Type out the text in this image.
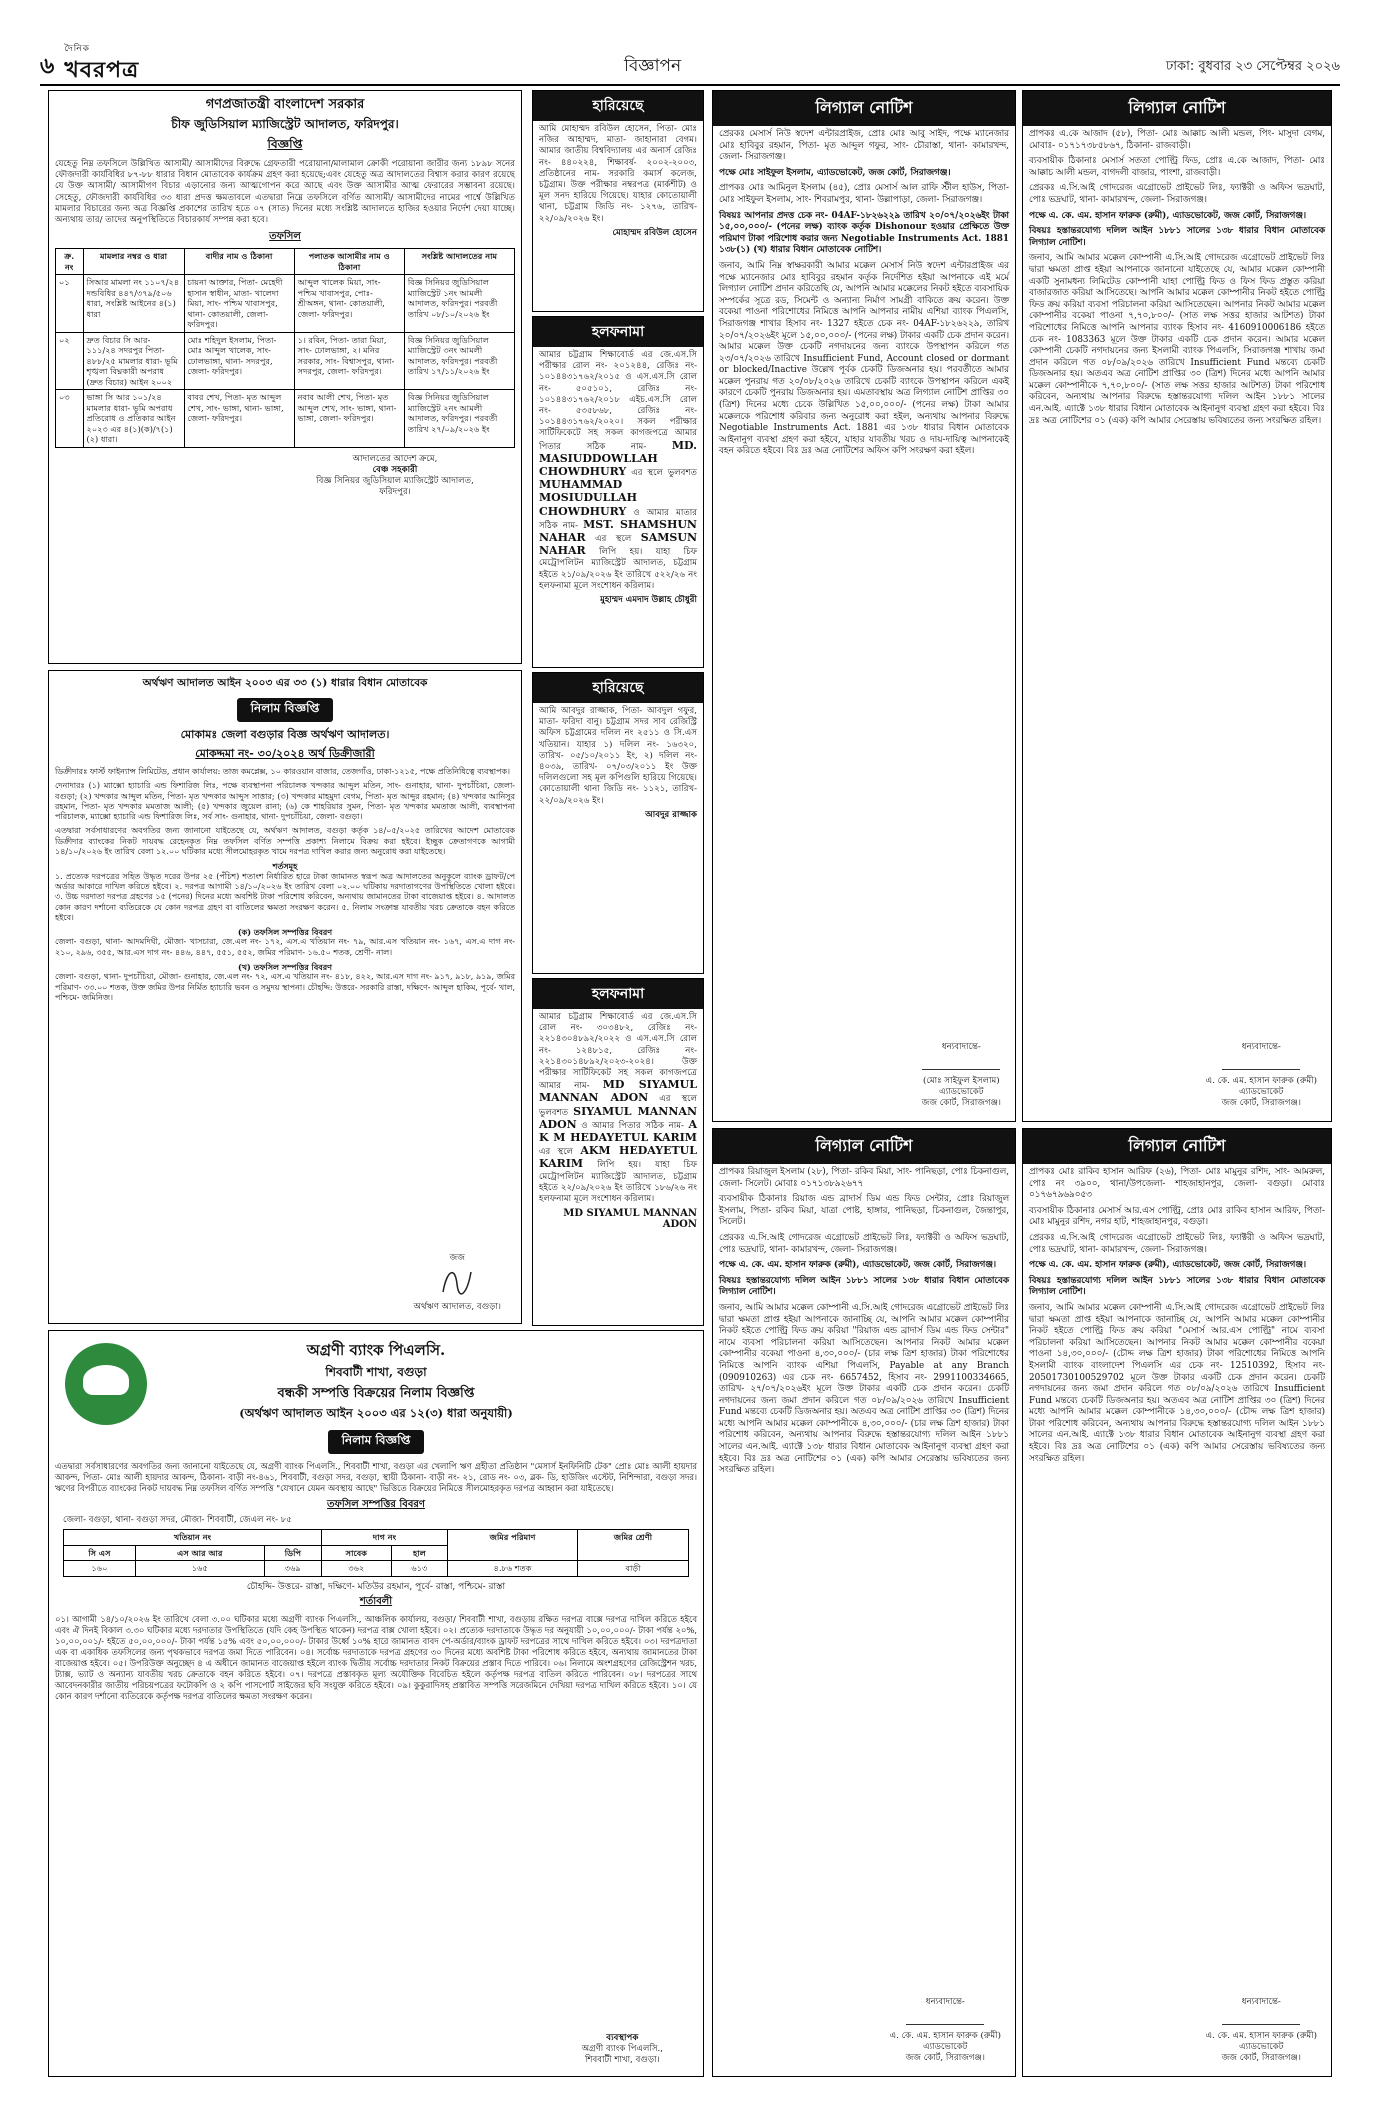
৬
দৈনিক
খবরপত্র	বিজ্ঞাপন	ঢাকা: বুধবার ২৩ সেপ্টেম্বর ২০২৬
গণপ্রজাতন্ত্রী বাংলাদেশ সরকার
চীফ জুডিসিয়াল ম্যাজিস্ট্রেট আদালত, ফরিদপুর।
বিজ্ঞপ্তি
যেহেতু নিম্ন তফসিলে উল্লিখিত আসামী/ আসামীদের বিরুদ্ধে গ্রেফতারী পরোয়ানা/মালামাল ক্রোকী পরোয়ানা জারীর জন্য ১৮৯৮ সনের ফৌজদারী কার্যবিধির ৮৭-৮৮ ধারার বিধান মোতাবেক কার্যক্রম গ্রহণ করা হয়েছে;এবং যেহেতু অত্র আদালতের বিশ্বাস করার কারণ রয়েছে যে উক্ত আসামী/ আসামীগণ বিচার এড়ানোর জন্য আত্মগোপন করে আছে এবং উক্ত আসামীর আত্ম ফেরারের সম্ভাবনা রয়েছে। সেহেতু, ফৌজদারী কার্যবিধির ৩৩ ধারা প্রদত্ত ক্ষমতাবলে এতদ্বারা নিম্নে তফসিলে বর্ণিত আসামী/ আসামীদের নামের পার্শ্বে উল্লিখিত মামলার বিচারের জন্য অত্র বিজ্ঞপ্তি প্রকাশের তারিখ হতে ০৭ (সাত) দিনের মধ্যে সংশ্লিষ্ট আদালতে হাজির হওয়ার নির্দেশ দেয়া যাচ্ছে। অন্যথায় তার/ তাদের অনুপস্থিতিতে বিচারকার্য সম্পন্ন করা হবে।
তফসিল
ক্র. নং	মামলার নম্বর ও ধারা	বাদীর নাম ও ঠিকানা	পলাতক আসামীর নাম ও ঠিকানা	সংশ্লিষ্ট আদালতের নাম
০১	সিআর মামলা নং ১১০৭/২৪ দন্ডবিধির ৪৪৭/৩৭৯/৫০৬ ধারা, সংশ্লিষ্ট আইনের ৪(১) ধারা	চায়না আক্তার, পিতা- মেহেদী হাসান স্বাধীন, মাতা- খালেদা মিয়া, সাং- পশ্চিম খাবাসপুর, থানা- কোতয়ালী, জেলা- ফরিদপুর।	আব্দুল খালেক মিয়া, সাং- পশ্চিম খাবাসপুর, পোঃ- শ্রীঅঙ্গন, থানা- কোতয়ালী, জেলা- ফরিদপুর।	বিজ্ঞ সিনিয়র জুডিসিয়াল ম্যাজিস্ট্রেট ১নং আমলী আদালত, ফরিদপুর। পরবর্তী তারিখ ০৮/১০/২০২৬ ইং
০২	দ্রুত বিচার সি আর- ১১১/২৪ সদরপুর পিতা- ৪৮৮/২৫ মামলার ধারা- ভূমি শৃঙ্খলা বিঘ্নকারী অপরাধ (দ্রুত বিচার) আইন ২০০২	মোঃ শহিদুল ইসলাম, পিতা- মোঃ আব্দুল খালেক, সাং- ঢোলভাঙ্গা, থানা- সদরপুর, জেলা- ফরিদপুর।	১। রবিন, পিতা- তারা মিয়া, সাং- ঢোলভাঙ্গা, ২। মনির সরকার, সাং- বিশ্বাসপুর, থানা- সদরপুর, জেলা- ফরিদপুর।	বিজ্ঞ সিনিয়র জুডিসিয়াল ম্যাজিস্ট্রেট ৩নং আমলী আদালত, ফরিদপুর। পরবর্তী তারিখ ১৭/১১/২০২৬ ইং
০৩	ভাঙ্গা সি আর ১০১/২৪ মামলার ধারা- ভূমি অপরাধ প্রতিরোধ ও প্রতিকার আইন ২০২৩ এর ৪(১)(ক)/৭(১)(২) ধারা।	বাবর শেখ, পিতা- মৃত আব্দুল শেখ, সাং- ভাঙ্গা, থানা- ভাঙ্গা, জেলা- ফরিদপুর।	নবাব আলী শেখ, পিতা- মৃত আব্দুল শেখ, সাং- ভাঙ্গা, থানা- ভাঙ্গা, জেলা- ফরিদপুর।	বিজ্ঞ সিনিয়র জুডিসিয়াল ম্যাজিস্ট্রেট ২নং আমলী আদালত, ফরিদপুর। পরবর্তী তারিখ ২৭/০৯/২০২৬ ইং
আদালতের আদেশ ক্রমে,
বেঞ্চ সহকারী
বিজ্ঞ সিনিয়র জুডিসিয়াল ম্যাজিস্ট্রেট আদালত, ফরিদপুর।
হারিয়েছে
আমি মোহাম্মদ রবিউল হোসেন, পিতা- মোঃ নজির আহাম্মদ, মাতা- জাহানারা বেগম। আমার জাতীয় বিশ্ববিদ্যালয় এর অনার্স রেজিঃ নং- ৪৪০২২৪, শিক্ষাবর্ষ- ২০০২-২০০৩, প্রতিষ্ঠানের নাম- সরকারি কমার্স কলেজ, চট্টগ্রাম। উক্ত পরীক্ষার নম্বরপত্র (মার্কশীট) ও মূল সনদ হারিয়ে গিয়েছে। যাহার কোতোয়ালী থানা, চট্টগ্রাম জিডি নং- ১২৭৬, তারিখ- ২২/০৯/২০২৬ ইং।
মোহাম্মদ রবিউল হোসেন
হলফনামা
আমার চট্টগ্রাম শিক্ষাবোর্ড এর জে.এস.সি পরীক্ষার রোল নং- ২০১২৪৪, রেজিঃ নং- ১০১৪৪৩১৭৬২/২০১৫ ও এস.এস.সি রোল নং- ৫০৫১০১, রেজিঃ নং- ১০১৪৪৩১৭৬২/২০১৮ এইচ.এস.সি রোল নং- ৫৩৫৮৬৮, রেজিঃ নং- ১০১৪৪৩১৭৬২/২০২০। সকল পরীক্ষার সার্টিফিকেটে সহ সকল কাগজপত্রে আমার পিতার সঠিক নাম- MD. MASIUDDOWLLAH CHOWDHURY এর স্থলে ভুলবশত MUHAMMAD MOSIUDULLAH CHOWDHURY ও আমার মাতার সঠিক নাম- MST. SHAMSHUN NAHAR এর স্থলে SAMSUN NAHAR লিপি হয়। যাহা চিফ মেট্রোপলিটন ম্যাজিস্ট্রেট আদালত, চট্টগ্রাম হইতে ২১/০৯/২০২৬ ইং তারিখে ৫২২/২৬ নং হলফনামা মূলে সংশোধন করিলাম।
মুহাম্মদ এমদাদ উল্লাহ চৌধুরী
অর্থঋণ আদালত আইন ২০০৩ এর ৩৩ (১) ধারার বিধান মোতাবেক
নিলাম বিজ্ঞপ্তি
মোকামঃ জেলা বগুড়ার বিজ্ঞ অর্থঋণ আদালত।
মোকদ্দমা নং- ৩০/২০২৪ অর্থ ডিক্রীজারী

ডিক্রীদারঃ ফার্স্ট ফাইন্যান্স লিমিটেড, প্রধান কার্যালয়: তাজ কমপ্লেক্স, ১০ কারওয়ান বাজার, তেজগাঁও, ঢাকা-১২১৫, পক্ষে প্রতিনিধিত্বে ব্যবস্থাপক।

দেনাদারঃ (১) ম্যাক্সো হ্যাচারি এন্ড ফিশারিজ লিঃ, পক্ষে ব্যবস্থাপনা পরিচালক খন্দকার আব্দুল মতিন, সাং- গুনাহার, থানা- দুপচাঁচিয়া, জেলা- বগুড়া; (২) খন্দকার আব্দুল মতিন, পিতা- মৃত খন্দকার আব্দুস সাত্তার; (৩) খন্দকার মাহমুদা বেগম, পিতা- মৃত আব্দুর রহমান; (৪) খন্দকার আনিসুর রহমান, পিতা- মৃত খন্দকার মমতাজ আলী; (৫) খন্দকার জুয়েল রানা; (৬) কে শাহরিয়ার সুমন, পিতা- মৃত খন্দকার মমতাজ আলী, ব্যবস্থাপনা পরিচালক, ম্যাক্সো হ্যাচারি এন্ড ফিশারিজ লিঃ, সর্ব সাং- গুনাহার, থানা- দুপচাঁচিয়া, জেলা- বগুড়া।

এতদ্বারা সর্বসাধারণের অবগতির জন্য জানানো যাইতেছে যে, অর্থঋণ আদালত, বগুড়া কর্তৃক ১৪/০৫/২০২৫ তারিখের আদেশ মোতাবেক ডিক্রীদার ব্যাংকের নিকট দায়বদ্ধ রেহেনকৃত নিম্ন তফসিল বর্ণিত সম্পত্তি প্রকাশ্য নিলামে বিক্রয় করা হইবে। ইচ্ছুক ক্রেতাগণকে আগামী ১৪/১০/২০২৬ ইং তারিখ বেলা ১২.০০ ঘটিকার মধ্যে সীলমোহরকৃত খামে দরপত্র দাখিল করার জন্য অনুরোধ করা যাইতেছে।

শর্তসমূহ

১. প্রত্যেক দরপত্রের সহিত উদ্ধৃত দরের উপর ২৫ (পঁচিশ) শতাংশ নির্ধারিত হারে টাকা জামানত স্বরূপ অত্র আদালতের অনুকূলে ব্যাংক ড্রাফট/পে অর্ডার আকারে দাখিল করিতে হইবে। ২. দরপত্র আগামী ১৪/১০/২০২৬ ইং তারিখ বেলা ০২.০০ ঘটিকায় দরদাতাগণের উপস্থিতিতে খোলা হইবে। ৩. উচ্চ দরদাতা দরপত্র গ্রহণের ১৫ (পনের) দিনের মধ্যে অবশিষ্ট টাকা পরিশোধ করিবেন, অন্যথায় জামানতের টাকা বাজেয়াপ্ত হইবে। ৪. আদালত কোন কারণ দর্শানো ব্যতিরেকে যে কোন দরপত্র গ্রহণ বা বাতিলের ক্ষমতা সংরক্ষণ করেন। ৫. নিলাম সংক্রান্ত যাবতীয় খরচ ক্রেতাকে বহন করিতে হইবে।

(ক) তফসিল সম্পত্তির বিবরণ

জেলা- বগুড়া, থানা- আদমদিঘী, মৌজা- খাসচারা, জে.এল নং- ১৭২, এস.এ খতিয়ান নং- ৭৯, আর.এস খতিয়ান নং- ১৬৭, এস.এ দাগ নং- ২১০, ২৯৬, ৩৫৫, আর.এস দাগ নং- ৪৪৬, ৪৪৭, ৫৫১, ৫৫২, জমির পরিমাণ- ১৬.৫০ শতক, শ্রেণী- নাল।

(খ) তফসিল সম্পত্তির বিবরণ

জেলা- বগুড়া, থানা- দুপচাঁচিয়া, মৌজা- গুনাহার, জে.এল নং- ৭২, এস.এ খতিয়ান নং- ৪১৮, ৪২২, আর.এস দাগ নং- ৯১৭, ৯১৮, ৯১৯, জমির পরিমাণ- ৩৩.০০ শতক, উক্ত জমির উপর নির্মিত হ্যাচারি ভবন ও সমুদয় স্থাপনা। চৌহদ্দি: উত্তরে- সরকারি রাস্তা, দক্ষিণে- আব্দুল হাকিম, পূর্বে- খাল, পশ্চিমে- জমিনিজ।

জজ
অর্থঋণ আদালত, বগুড়া।
হারিয়েছে
আমি আবদুর রাজ্জাক, পিতা- আবদুল গফুর, মাতা- ফরিদা বানু। চট্টগ্রাম সদর সাব রেজিস্ট্রি অফিস চট্টগ্রামের দলিল নং ২৫১১ ও সি.এস খতিয়ান। যাহার ১) দলিল নং- ১৬৩২০, তারিখ- ০৫/১০/২০১১ ইং, ২) দলিল নং- ৪০৩৯, তারিখ- ০৭/০৩/২০১১ ইং উক্ত দলিলগুলো সহ মূল কপিগুলি হারিয়ে গিয়েছে। কোতোয়ালী থানা জিডি নং- ১১২১, তারিখ- ২২/০৯/২০২৬ ইং।
আবদুর রাজ্জাক
হলফনামা
আমার চট্টগ্রাম শিক্ষাবোর্ড এর জে.এস.সি রোল নং- ৩০৩৪৮২, রেজিঃ নং- ২২১৪৩০৪৮৯২/২০২২ ও এস.এস.সি রোল নং- ১২৪৮১৫, রেজিঃ নং- ২২১৪৩০১৪৮৯২/২০২৩-২০২৪। উক্ত পরীক্ষার সার্টিফিকেট সহ সকল কাগজপত্রে আমার নাম- MD SIYAMUL MANNAN ADON এর স্থলে ভুলবশত SIYAMUL MANNAN ADON ও আমার পিতার সঠিক নাম- A K M HEDAYETUL KARIM এর স্থলে AKM HEDAYETUL KARIM লিপি হয়। যাহা চিফ মেট্রোপলিটন ম্যাজিস্ট্রেট আদালত, চট্টগ্রাম হইতে ২২/০৯/২০২৬ ইং তারিখে ১৮৬/২৬ নং হলফনামা মূলে সংশোধন করিলাম।
MD SIYAMUL MANNAN ADON
অগ্রণী ব্যাংক পিএলসি.
শিববাটী শাখা, বগুড়া
বন্ধকী সম্পত্তি বিক্রয়ের নিলাম বিজ্ঞপ্তি
(অর্থঋণ আদালত আইন ২০০৩ এর ১২(৩) ধারা অনুযায়ী)
নিলাম বিজ্ঞপ্তি
এতদ্বারা সর্বসাধারণের অবগতির জন্য জানানো যাইতেছে যে, অগ্রণী ব্যাংক পিএলসি., শিববাটী শাখা, বগুড়া এর খেলাপি ঋণ গ্রহীতা প্রতিষ্ঠান "মেসার্স ইনফিনিটি টেক" প্রোঃ মোঃ আলী হায়দার আকন্দ, পিতা- মোঃ আলী হায়দার আকন্দ, ঠিকানা- বাড়ী নং-৪৬১, শিববাটী, বগুড়া সদর, বগুড়া, স্থায়ী ঠিকানা- বাড়ী নং- ২১, রোড নং- ০৩, ব্লক- ডি, হাউজিং এস্টেট, নিশিন্দারা, বগুড়া সদর। ঋণের বিপরীতে ব্যাংকের নিকট দায়বদ্ধ নিম্ন তফসিল বর্ণিত সম্পত্তি "যেখানে যেমন অবস্থায় আছে" ভিত্তিতে বিক্রয়ের নিমিত্তে সীলমোহরকৃত দরপত্র আহ্বান করা যাইতেছে।
তফসিল সম্পত্তির বিবরণ
জেলা- বগুড়া, থানা- বগুড়া সদর, মৌজা- শিববাটী, জেএল নং- ৮৫
খতিয়ান নং			দাগ নং		জমির পরিমাণ	জমির শ্রেণী
সি এস	এস আর আর	ডিপি	সাবেক	হাল		
১৬০	১৬৫	৩৬৯	৩৬২	৬১৩	৪.৮৬ শতক	বাড়ী
চৌহদ্দি- উত্তরে- রাস্তা, দক্ষিণে- মতিউর রহমান, পূর্বে- রাস্তা, পশ্চিমে- রাস্তা
শর্তাবলী
০১। আগামী ১৪/১০/২০২৬ ইং তারিখে বেলা ৩.০০ ঘটিকার মধ্যে অগ্রণী ব্যাংক পিএলসি., আঞ্চলিক কার্যালয়, বগুড়া/ শিববাটী শাখা, বগুড়ায় রক্ষিত দরপত্র বাক্সে দরপত্র দাখিল করিতে হইবে এবং ঐ দিনই বিকাল ৩.৩০ ঘটিকার মধ্যে দরদাতার উপস্থিতিতে (যদি কেহ উপস্থিত থাকেন) দরপত্র বাক্স খোলা হইবে। ০২। প্রত্যেক দরদাতাকে উদ্ধৃত দর অনুযায়ী ১০,০০,০০০/- টাকা পর্যন্ত ২০%, ১০,০০,০০১/- হইতে ৫০,০০,০০০/- টাকা পর্যন্ত ১৫% এবং ৫০,০০,০০০/- টাকার উর্ধ্বে ১০% হারে জামানত বাবদ পে-অর্ডার/ব্যাংক ড্রাফট দরপত্রের সাথে দাখিল করিতে হইবে। ০৩। দরপত্রদাতা এক বা একাধিক তফসিলের জন্য পৃথকভাবে দরপত্র জমা দিতে পারিবেন। ০৪। সর্বোচ্চ দরদাতাকে দরপত্র গ্রহণের ৩০ দিনের মধ্যে অবশিষ্ট টাকা পরিশোধ করিতে হইবে, অন্যথায় জামানতের টাকা বাজেয়াপ্ত হইবে। ০৫। উপরিউক্ত অনুচ্ছেদ ৪ এ অধীনে জামানত বাজেয়াপ্ত হইলে ব্যাংক দ্বিতীয় সর্বোচ্চ দরদাতার নিকট বিক্রয়ের প্রস্তাব দিতে পারিবে। ০৬। নিলামে অংশগ্রহণের রেজিস্ট্রেশন খরচ, ট্যাক্স, ভ্যাট ও অন্যান্য যাবতীয় খরচ ক্রেতাকে বহন করিতে হইবে। ০৭। দরপত্রে প্রস্তাবকৃত মূল্য অযৌক্তিক বিবেচিত হইলে কর্তৃপক্ষ দরপত্র বাতিল করিতে পারিবেন। ০৮। দরপত্রের সাথে আবেদনকারীর জাতীয় পরিচয়পত্রের ফটোকপি ও ২ কপি পাসপোর্ট সাইজের ছবি সংযুক্ত করিতে হইবে। ০৯। কুকুরাদিসহ প্রস্তাবিত সম্পত্তি সরেজমিনে দেখিয়া দরপত্র দাখিল করিতে হইবে। ১০। যে কোন কারণ দর্শানো ব্যতিরেকে কর্তৃপক্ষ দরপত্র বাতিলের ক্ষমতা সংরক্ষণ করেন।
ব্যবস্থাপক
অগ্রণী ব্যাংক পিএলসি.,
শিববাটী শাখা, বগুড়া।
লিগ্যাল নোটিশ

প্রেরকঃ মেসার্স নিউ স্বদেশ এন্টারপ্রাইজ, প্রোঃ মোঃ আবু সাইদ, পক্ষে ম্যানেজার মোঃ হাবিবুর রহমান, পিতা- মৃত আব্দুল গফুর, সাং- চৌরাস্তা, থানা- কামারখন্দ, জেলা- সিরাজগঞ্জ।

পক্ষে মোঃ সাইফুল ইসলাম, এ্যাডভোকেট, জজ কোর্ট, সিরাজগঞ্জ।

প্রাপকঃ মোঃ আমিনুল ইসলাম (৪৫), প্রোঃ মেসার্স আল রাফি স্টীল হাউস, পিতা- মোঃ সাইফুল ইসলাম, সাং- শিবরামপুর, থানা- উল্লাপাড়া, জেলা- সিরাজগঞ্জ।

বিষয়ঃ আপনার প্রদত্ত চেক নং- 04AF-১৮২৬২২৯ তারিখ ২০/০৭/২০২৬ইং টাকা ১৫,০০,০০০/- (পনের লক্ষ) ব্যাংক কর্তৃক Dishonour হওয়ার প্রেক্ষিতে উক্ত পরিমাণ টাকা পরিশোধ করার জন্য Negotiable Instruments Act. 1881 ১৩৮(১) (খ) ধারার বিধান মোতাবেক নোটিশ।

জনাব, আমি নিম্ন স্বাক্ষরকারী আমার মক্কেল মেসার্স নিউ স্বদেশ এন্টারপ্রাইজ এর পক্ষে ম্যানেজার মোঃ হাবিবুর রহমান কর্তৃক নির্দেশিত হইয়া আপনাকে এই মর্মে লিগ্যাল নোটিশ প্রদান করিতেছি যে, আপনি আমার মক্কেলের নিকট হইতে ব্যবসায়িক সম্পর্কের সূত্রে রড, সিমেন্ট ও অন্যান্য নির্মাণ সামগ্রী বাকিতে ক্রয় করেন। উক্ত বকেয়া পাওনা পরিশোধের নিমিত্তে আপনি আপনার নামীয় এশিয়া ব্যাংক পিএলসি, সিরাজগঞ্জ শাখার হিসাব নং- 1327 হইতে চেক নং- 04AF-১৮২৬২২৯, তারিখ ২০/০৭/২০২৬ইং মূলে ১৫,০০,০০০/- (পনের লক্ষ) টাকার একটি চেক প্রদান করেন। আমার মক্কেল উক্ত চেকটি নগদায়নের জন্য ব্যাংকে উপস্থাপন করিলে গত ২৩/০৭/২০২৬ তারিখে Insufficient Fund, Account closed or dormant or blocked/Inactive উল্লেখ পূর্বক চেকটি ডিজঅনার হয়। পরবর্তীতে আমার মক্কেল পুনরায় গত ২০/০৮/২০২৬ তারিখে চেকটি ব্যাংকে উপস্থাপন করিলে একই কারণে চেকটি পুনরায় ডিজঅনার হয়। এমতাবস্থায় অত্র লিগ্যাল নোটিশ প্রাপ্তির ৩০ (ত্রিশ) দিনের মধ্যে চেকে উল্লিখিত ১৫,০০,০০০/- (পনের লক্ষ) টাকা আমার মক্কেলকে পরিশোধ করিবার জন্য অনুরোধ করা হইল, অন্যথায় আপনার বিরুদ্ধে Negotiable Instruments Act. 1881 এর ১৩৮ ধারার বিধান মোতাবেক আইনানুগ ব্যবস্থা গ্রহণ করা হইবে, যাহার যাবতীয় খরচ ও দায়-দায়িত্ব আপনাকেই বহন করিতে হইবে। বিঃ দ্রঃ অত্র নোটিশের অফিস কপি সংরক্ষণ করা হইল।

ধন্যবাদান্তে-
(মোঃ সাইফুল ইসলাম)
এ্যাডভোকেট
জজ কোর্ট, সিরাজগঞ্জ।
লিগ্যাল নোটিশ

প্রাপকঃ এ.কে আজাদ (৫৮), পিতা- মোঃ আক্কাচ আলী মন্ডল, পিং- মাসুদা বেগম, মোবাঃ- ০১৭১৭৩৮৫৮৬৭, ঠিকানা- রাজবাড়ী।

ব্যবসায়ীক ঠিকানাঃ মেসার্স সততা পোল্ট্রি ফিড, প্রোঃ এ.কে আজাদ, পিতা- মোঃ আক্কাচ আলী মন্ডল, বাগদলী বাজার, পাংশা, রাজবাড়ী।

প্রেরকঃ এ.সি.আই গোদরেজ এগ্রোভেট প্রাইভেট লিঃ, ফ্যাক্টরী ও অফিস ভদ্রঘাট, পোঃ ভদ্রঘাট, থানা- কামারখন্দ, জেলা- সিরাজগঞ্জ।

পক্ষে এ. কে. এম. হাসান ফারুক (রুমী), এ্যাডভোকেট, জজ কোর্ট, সিরাজগঞ্জ।

বিষয়ঃ হস্তান্তরযোগ্য দলিল আইন ১৮৮১ সালের ১৩৮ ধারার বিধান মোতাবেক লিগ্যাল নোটিশ।

জনাব, আমি আমার মক্কেল কোম্পানী এ.সি.আই গোদরেজ এগ্রোভেট প্রাইভেট লিঃ দ্বারা ক্ষমতা প্রাপ্ত হইয়া আপনাকে জানানো যাইতেছে যে, আমার মক্কেল কোম্পানী একটি সুনামধন্য লিমিটেড কোম্পানী যাহা পোল্ট্রি ফিড ও ফিস ফিড প্রস্তুত করিয়া বাজারজাত করিয়া আসিতেছে। আপনি আমার মক্কেল কোম্পানীর নিকট হইতে পোল্ট্রি ফিড ক্রয় করিয়া ব্যবসা পরিচালনা করিয়া আসিতেছেন। আপনার নিকট আমার মক্কেল কোম্পানীর বকেয়া পাওনা ৭,৭০,৮০০/- (সাত লক্ষ সত্তর হাজার আটশত) টাকা পরিশোধের নিমিত্তে আপনি আপনার ব্যাংক হিসাব নং- 4160910006186 হইতে চেক নং- 1083363 মূলে উক্ত টাকার একটি চেক প্রদান করেন। আমার মক্কেল কোম্পানী চেকটি নগদায়নের জন্য ইসলামী ব্যাংক পিএলসি, সিরাজগঞ্জ শাখায় জমা প্রদান করিলে গত ০৮/০৯/২০২৬ তারিখে Insufficient Fund মন্তব্যে চেকটি ডিজঅনার হয়। অতএব অত্র নোটিশ প্রাপ্তির ৩০ (ত্রিশ) দিনের মধ্যে আপনি আমার মক্কেল কোম্পানীকে ৭,৭০,৮০০/- (সাত লক্ষ সত্তর হাজার আটশত) টাকা পরিশোধ করিবেন, অন্যথায় আপনার বিরুদ্ধে হস্তান্তরযোগ্য দলিল আইন ১৮৮১ সালের এন.আই. এ্যাক্টে ১৩৮ ধারার বিধান মোতাবেক আইনানুগ ব্যবস্থা গ্রহণ করা হইবে। বিঃ দ্রঃ অত্র নোটিশের ০১ (এক) কপি আমার সেরেস্তায় ভবিষ্যতের জন্য সংরক্ষিত রহিল।

ধন্যবাদান্তে-
এ. কে. এম. হাসান ফারুক (রুমী)
এ্যাডভোকেট
জজ কোর্ট, সিরাজগঞ্জ।
লিগ্যাল নোটিশ

প্রাপকঃ রিয়াজুল ইসলাম (২৮), পিতা- রকিব মিয়া, সাং- পানিছড়া, পোঃ চিকনাগুল, জেলা- সিলেট। মোবাঃ ০১৭১৩৮৯২৬৭৭

ব্যবসায়ীক ঠিকানাঃ রিয়াজ এন্ড ব্রাদার্স ডিম এন্ড ফিড সেন্টার, প্রোঃ রিয়াজুল ইসলাম, পিতা- রকিব মিয়া, যাত্রা পোষ্ট, হাঙ্গার, পানিছড়া, চিকনাগুল, জৈন্তাপুর, সিলেট।

প্রেরকঃ এ.সি.আই গোদরেজ এগ্রোভেট প্রাইভেট লিঃ, ফ্যাক্টরী ও অফিস ভদ্রঘাট, পোঃ ভদ্রঘাট, থানা- কামারখন্দ, জেলা- সিরাজগঞ্জ।

পক্ষে এ. কে. এম. হাসান ফারুক (রুমী), এ্যাডভোকেট, জজ কোর্ট, সিরাজগঞ্জ।

বিষয়ঃ হস্তান্তরযোগ্য দলিল আইন ১৮৮১ সালের ১৩৮ ধারার বিধান মোতাবেক লিগ্যাল নোটিশ।

জনাব, আমি আমার মক্কেল কোম্পানী এ.সি.আই গোদরেজ এগ্রোভেট প্রাইভেট লিঃ দ্বারা ক্ষমতা প্রাপ্ত হইয়া আপনাকে জানাচ্ছি যে, আপনি আমার মক্কেল কোম্পানীর নিকট হইতে পোল্ট্রি ফিড ক্রয় করিয়া "রিয়াজ এন্ড ব্রাদার্স ডিম এন্ড ফিড সেন্টার" নামে ব্যবসা পরিচালনা করিয়া আসিতেছেন। আপনার নিকট আমার মক্কেল কোম্পানীর বকেয়া পাওনা ৪,৩০,০০০/- (চার লক্ষ ত্রিশ হাজার) টাকা পরিশোধের নিমিত্তে আপনি ব্যাংক এশিয়া পিএলসি, Payable at any Branch (090910263) এর চেক নং- 6657452, হিসাব নং- 2991100334665, তারিখ- ২৭/০৭/২০২৬ইং মূলে উক্ত টাকার একটি চেক প্রদান করেন। চেকটি নগদায়নের জন্য জমা প্রদান করিলে গত ০৮/০৯/২০২৬ তারিখে Insufficient Fund মন্তব্যে চেকটি ডিজঅনার হয়। অতএব অত্র নোটিশ প্রাপ্তির ৩০ (ত্রিশ) দিনের মধ্যে আপনি আমার মক্কেল কোম্পানীকে ৪,৩০,০০০/- (চার লক্ষ ত্রিশ হাজার) টাকা পরিশোধ করিবেন, অন্যথায় আপনার বিরুদ্ধে হস্তান্তরযোগ্য দলিল আইন ১৮৮১ সালের এন.আই. এ্যাক্টে ১৩৮ ধারার বিধান মোতাবেক আইনানুগ ব্যবস্থা গ্রহণ করা হইবে। বিঃ দ্রঃ অত্র নোটিশের ০১ (এক) কপি আমার সেরেস্তায় ভবিষ্যতের জন্য সংরক্ষিত রহিল।

ধন্যবাদান্তে-
এ. কে. এম. হাসান ফারুক (রুমী)
এ্যাডভোকেট
জজ কোর্ট, সিরাজগঞ্জ।
লিগ্যাল নোটিশ

প্রাপকঃ মোঃ রাকিব হাসান আরিফ (২৬), পিতা- মোঃ মামুনুর রশিদ, সাং- আমরুল, পোঃ নং ৩৯০০, থানা/উপজেলা- শাহজাহানপুর, জেলা- বগুড়া। মোবাঃ ০১৭৬৭৯৬৯০৫৩

ব্যবসায়ীক ঠিকানাঃ মেসার্স আর.এস পোল্ট্রি, প্রোঃ মোঃ রাকিব হাসান আরিফ, পিতা- মোঃ মামুনুর রশিদ, নগর হাট, শাহজাহানপুর, বগুড়া।

প্রেরকঃ এ.সি.আই গোদরেজ এগ্রোভেট প্রাইভেট লিঃ, ফ্যাক্টরী ও অফিস ভদ্রঘাট, পোঃ ভদ্রঘাট, থানা- কামারখন্দ, জেলা- সিরাজগঞ্জ।

পক্ষে এ. কে. এম. হাসান ফারুক (রুমী), এ্যাডভোকেট, জজ কোর্ট, সিরাজগঞ্জ।

বিষয়ঃ হস্তান্তরযোগ্য দলিল আইন ১৮৮১ সালের ১৩৮ ধারার বিধান মোতাবেক লিগ্যাল নোটিশ।

জনাব, আমি আমার মক্কেল কোম্পানী এ.সি.আই গোদরেজ এগ্রোভেট প্রাইভেট লিঃ দ্বারা ক্ষমতা প্রাপ্ত হইয়া আপনাকে জানাচ্ছি যে, আপনি আমার মক্কেল কোম্পানীর নিকট হইতে পোল্ট্রি ফিড ক্রয় করিয়া "মেসার্স আর.এস পোল্ট্রি" নামে ব্যবসা পরিচালনা করিয়া আসিতেছেন। আপনার নিকট আমার মক্কেল কোম্পানীর বকেয়া পাওনা ১৪,৩০,০০০/- (চৌদ্দ লক্ষ ত্রিশ হাজার) টাকা পরিশোধের নিমিত্তে আপনি ইসলামী ব্যাংক বাংলাদেশ পিএলসি এর চেক নং- 12510392, হিসাব নং- 20501730100529702 মূলে উক্ত টাকার একটি চেক প্রদান করেন। চেকটি নগদায়নের জন্য জমা প্রদান করিলে গত ০৮/০৯/২০২৬ তারিখে Insufficient Fund মন্তব্যে চেকটি ডিজঅনার হয়। অতএব অত্র নোটিশ প্রাপ্তির ৩০ (ত্রিশ) দিনের মধ্যে আপনি আমার মক্কেল কোম্পানীকে ১৪,৩০,০০০/- (চৌদ্দ লক্ষ ত্রিশ হাজার) টাকা পরিশোধ করিবেন, অন্যথায় আপনার বিরুদ্ধে হস্তান্তরযোগ্য দলিল আইন ১৮৮১ সালের এন.আই. এ্যাক্টে ১৩৮ ধারার বিধান মোতাবেক আইনানুগ ব্যবস্থা গ্রহণ করা হইবে। বিঃ দ্রঃ অত্র নোটিশের ০১ (এক) কপি আমার সেরেস্তায় ভবিষ্যতের জন্য সংরক্ষিত রহিল।

ধন্যবাদান্তে-
এ. কে. এম. হাসান ফারুক (রুমী)
এ্যাডভোকেট
জজ কোর্ট, সিরাজগঞ্জ।
